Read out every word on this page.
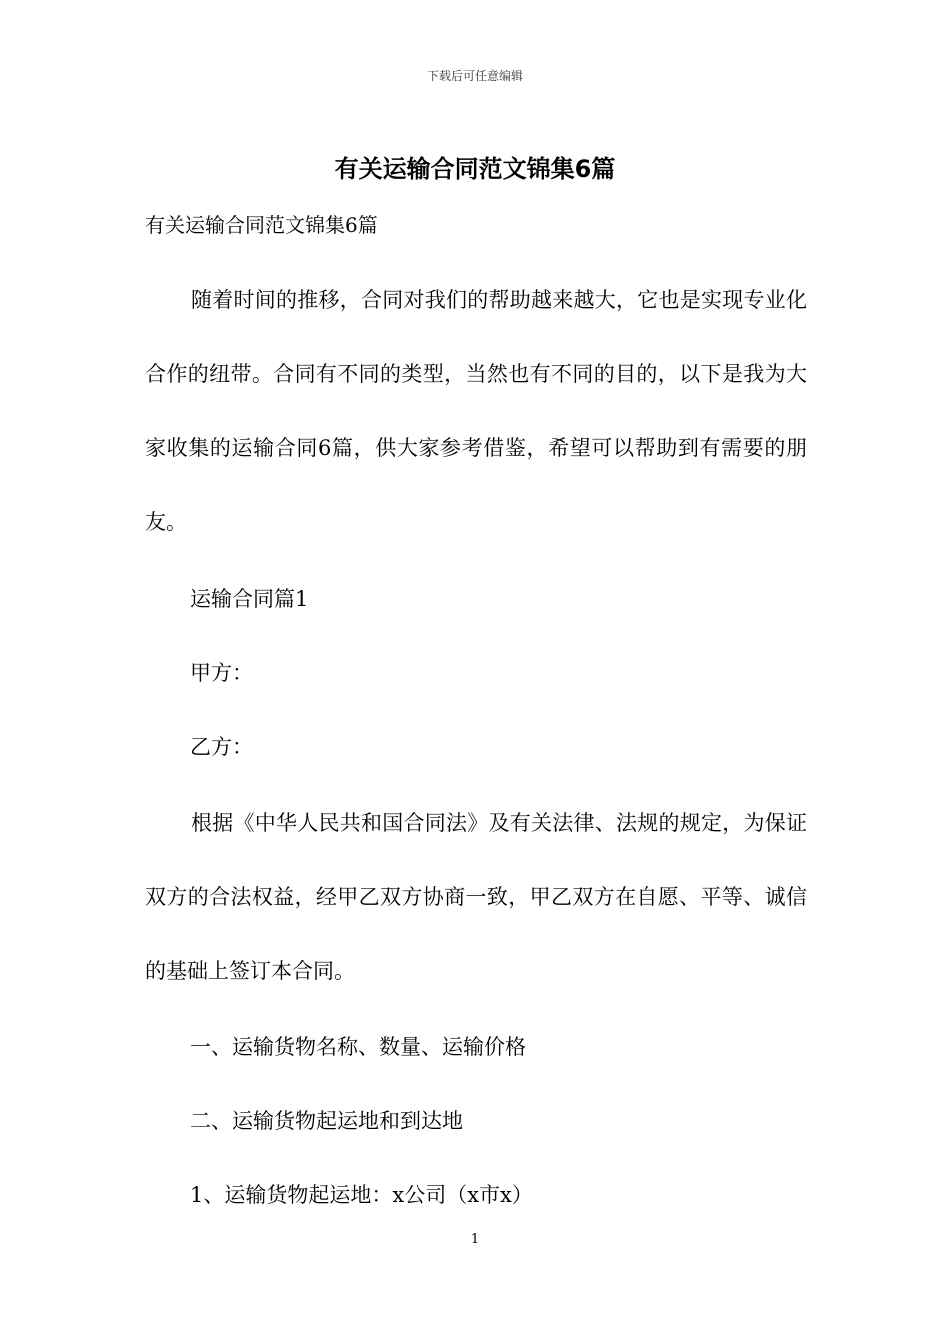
下载后可任意编辑
有关运输合同范文锦集6篇
有关运输合同范文锦集6篇

随着时间的推移，合同对我们的帮助越来越大，它也是实现专业化合作的纽带。合同有不同的类型，当然也有不同的目的，以下是我为大家收集的运输合同6篇，供大家参考借鉴，希望可以帮助到有需要的朋友。

运输合同篇1

甲方：

乙方：

根据《中华人民共和国合同法》及有关法律、法规的规定，为保证双方的合法权益，经甲乙双方协商一致，甲乙双方在自愿、平等、诚信的基础上签订本合同。

一、运输货物名称、数量、运输价格

二、运输货物起运地和到达地

1、运输货物起运地：x公司（x市x）

1
